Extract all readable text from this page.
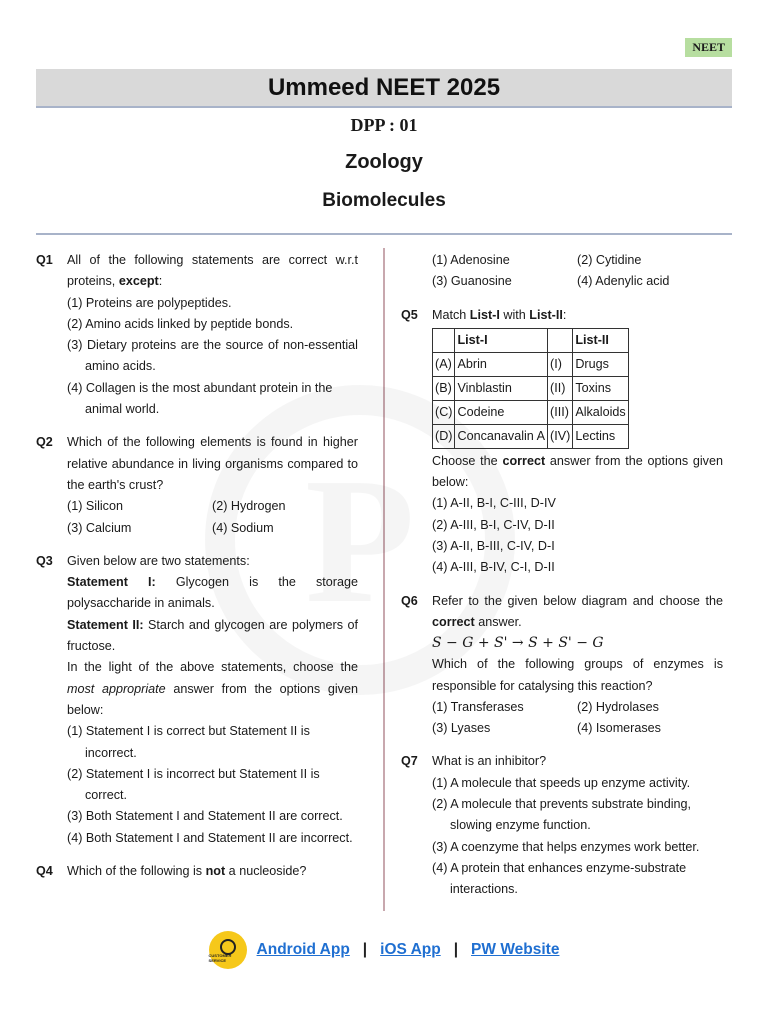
NEET
Ummeed NEET 2025
DPP : 01
Zoology
Biomolecules
Q1	All of the following statements are correct w.r.t proteins, except:
(1) Proteins are polypeptides.
(2) Amino acids linked by peptide bonds.
(3) Dietary proteins are the source of non-essential amino acids.
(4) Collagen is the most abundant protein in the animal world.
Q2	Which of the following elements is found in higher relative abundance in living organisms compared to the earth's crust?
(1) Silicon	(2) Hydrogen
(3) Calcium	(4) Sodium
Q3	Given below are two statements:
Statement I: Glycogen is the storage polysaccharide in animals.
Statement II: Starch and glycogen are polymers of fructose.
In the light of the above statements, choose the most appropriate answer from the options given below:
(1) Statement I is correct but Statement II is incorrect.
(2) Statement I is incorrect but Statement II is correct.
(3) Both Statement I and Statement II are correct.
(4) Both Statement I and Statement II are incorrect.
Q4	Which of the following is not a nucleoside?
(1) Adenosine	(2) Cytidine
(3) Guanosine	(4) Adenylic acid
Q5	Match List-I with List-II:
	List-I		List-II
(A)	Abrin	(I)	Drugs
(B)	Vinblastin	(II)	Toxins
(C)	Codeine	(III)	Alkaloids
(D)	Concanavalin A	(IV)	Lectins
Choose the correct answer from the options given below:
(1) A-II, B-I, C-III, D-IV
(2) A-III, B-I, C-IV, D-II
(3) A-II, B-III, C-IV, D-I
(4) A-III, B-IV, C-I, D-II
Q6	Refer to the given below diagram and choose the correct answer.
S − G + S' → S + S' − G
Which of the following groups of enzymes is responsible for catalysing this reaction?
(1) Transferases	(2) Hydrolases
(3) Lyases	(4) Isomerases
Q7	What is an inhibitor?
(1) A molecule that speeds up enzyme activity.
(2) A molecule that prevents substrate binding, slowing enzyme function.
(3) A coenzyme that helps enzymes work better.
(4) A protein that enhances enzyme-substrate interactions.
CUSTOMER SERVICE
Android App | iOS App | PW Website
